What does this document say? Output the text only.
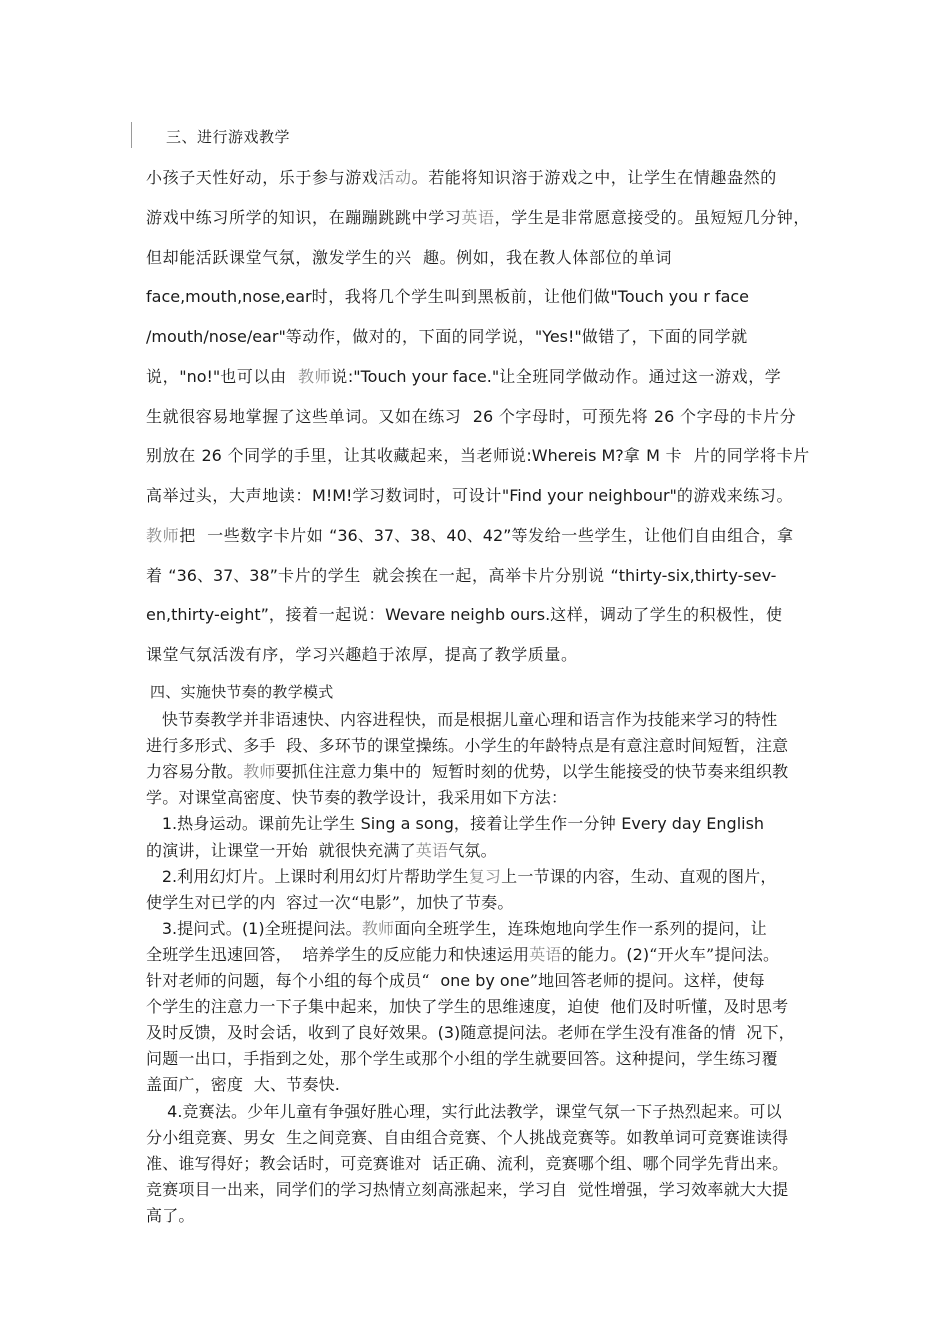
三、进行游戏教学
小孩子天性好动，乐于参与游戏活动。若能将知识溶于游戏之中，让学生在情趣盎然的
游戏中练习所学的知识，在蹦蹦跳跳中学习英语，学生是非常愿意接受的。虽短短几分钟，
但却能活跃课堂气氛，激发学生的兴  趣。例如，我在教人体部位的单词
face,mouth,nose,ear时，我将几个学生叫到黑板前，让他们做"Touch you r face
/mouth/nose/ear"等动作，做对的，下面的同学说，"Yes!"做错了，下面的同学就
说，"no!"也可以由  教师说:"Touch your face."让全班同学做动作。通过这一游戏，学
生就很容易地掌握了这些单词。又如在练习  26 个字母时，可预先将 26 个字母的卡片分
别放在 26 个同学的手里，让其收藏起来，当老师说:Whereis M?拿 M 卡  片的同学将卡片
高举过头，大声地读：M!M!学习数词时，可设计"Find your neighbour"的游戏来练习。
教师把  一些数字卡片如 “36、37、38、40、42”等发给一些学生，让他们自由组合，拿
着 “36、37、38”卡片的学生  就会挨在一起，高举卡片分别说 “thirty-six,thirty-sev-
en,thirty-eight”，接着一起说：Wevare neighb ours.这样，调动了学生的积极性，使
课堂气氛活泼有序，学习兴趣趋于浓厚，提高了教学质量。
四、实施快节奏的教学模式
快节奏教学并非语速快、内容进程快，而是根据儿童心理和语言作为技能来学习的特性
进行多形式、多手  段、多环节的课堂操练。小学生的年龄特点是有意注意时间短暂，注意
力容易分散。教师要抓住注意力集中的  短暂时刻的优势，以学生能接受的快节奏来组织教
学。对课堂高密度、快节奏的教学设计，我采用如下方法：
1.热身运动。课前先让学生 Sing a song，接着让学生作一分钟 Every day English
的演讲，让课堂一开始  就很快充满了英语气氛。
2.利用幻灯片。上课时利用幻灯片帮助学生复习上一节课的内容，生动、直观的图片，
使学生对已学的内  容过一次“电影”，加快了节奏。
3.提问式。(1)全班提问法。教师面向全班学生，连珠炮地向学生作一系列的提问，让
全班学生迅速回答，  培养学生的反应能力和快速运用英语的能力。(2)“开火车”提问法。
针对老师的问题，每个小组的每个成员“  one by one”地回答老师的提问。这样，使每
个学生的注意力一下子集中起来，加快了学生的思维速度，迫使  他们及时听懂，及时思考
及时反馈，及时会话，收到了良好效果。(3)随意提问法。老师在学生没有准备的情  况下，
问题一出口，手指到之处，那个学生或那个小组的学生就要回答。这种提问，学生练习覆
盖面广，密度  大、节奏快.
4.竞赛法。少年儿童有争强好胜心理，实行此法教学，课堂气氛一下子热烈起来。可以
分小组竞赛、男女  生之间竞赛、自由组合竞赛、个人挑战竞赛等。如教单词可竞赛谁读得
准、谁写得好；教会话时，可竞赛谁对  话正确、流利，竞赛哪个组、哪个同学先背出来。
竞赛项目一出来，同学们的学习热情立刻高涨起来，学习自  觉性增强，学习效率就大大提
高了。
